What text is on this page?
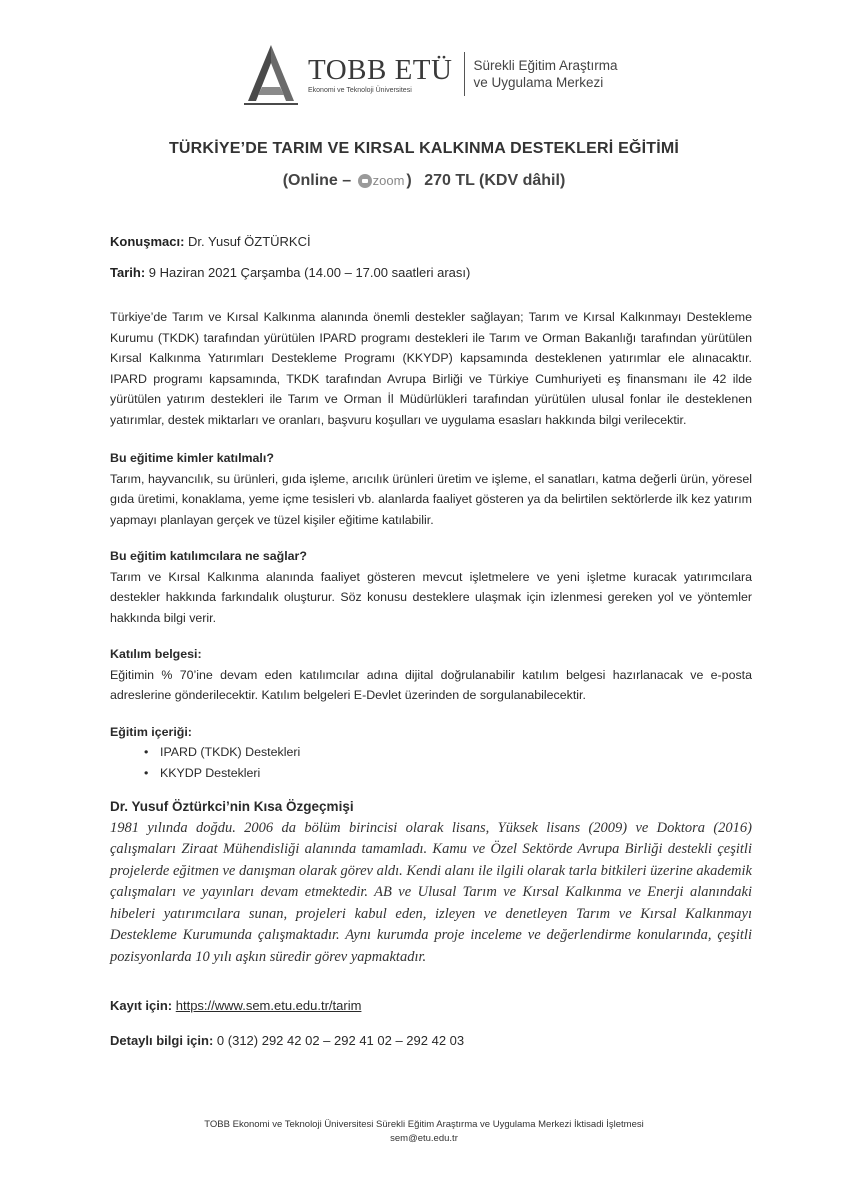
TOBB ETÜ
Ekonomi ve Teknoloji Üniversitesi
Sürekli Eğitim Araştırma
ve Uygulama Merkezi
TÜRKİYE’DE TARIM VE KIRSAL KALKINMA DESTEKLERİ EĞİTİMİ
(Online – zoom ) 270 TL (KDV dâhil)

Konuşmacı: Dr. Yusuf ÖZTÜRKCİ

Tarih: 9 Haziran 2021 Çarşamba (14.00 – 17.00 saatleri arası)

Türkiye’de Tarım ve Kırsal Kalkınma alanında önemli destekler sağlayan; Tarım ve Kırsal Kalkınmayı Destekleme Kurumu (TKDK) tarafından yürütülen IPARD programı destekleri ile Tarım ve Orman Bakanlığı tarafından yürütülen Kırsal Kalkınma Yatırımları Destekleme Programı (KKYDP) kapsamında desteklenen yatırımlar ele alınacaktır. IPARD programı kapsamında, TKDK tarafından Avrupa Birliği ve Türkiye Cumhuriyeti eş finansmanı ile 42 ilde yürütülen yatırım destekleri ile Tarım ve Orman İl Müdürlükleri tarafından yürütülen ulusal fonlar ile desteklenen yatırımlar, destek miktarları ve oranları, başvuru koşulları ve uygulama esasları hakkında bilgi verilecektir.

Bu eğitime kimler katılmalı?

Tarım, hayvancılık, su ürünleri, gıda işleme, arıcılık ürünleri üretim ve işleme, el sanatları, katma değerli ürün, yöresel gıda üretimi, konaklama, yeme içme tesisleri vb. alanlarda faaliyet gösteren ya da belirtilen sektörlerde ilk kez yatırım yapmayı planlayan gerçek ve tüzel kişiler eğitime katılabilir.

Bu eğitim katılımcılara ne sağlar?

Tarım ve Kırsal Kalkınma alanında faaliyet gösteren mevcut işletmelere ve yeni işletme kuracak yatırımcılara destekler hakkında farkındalık oluşturur. Söz konusu desteklere ulaşmak için izlenmesi gereken yol ve yöntemler hakkında bilgi verir.

Katılım belgesi:

Eğitimin % 70’ine devam eden katılımcılar adına dijital doğrulanabilir katılım belgesi hazırlanacak ve e-posta adreslerine gönderilecektir. Katılım belgeleri E-Devlet üzerinden de sorgulanabilecektir.

Eğitim içeriği:
• IPARD (TKDK) Destekleri
• KKYDP Destekleri
Dr. Yusuf Öztürkci’nin Kısa Özgeçmişi

1981 yılında doğdu. 2006 da bölüm birincisi olarak lisans, Yüksek lisans (2009) ve Doktora (2016) çalışmaları Ziraat Mühendisliği alanında tamamladı. Kamu ve Özel Sektörde Avrupa Birliği destekli çeşitli projelerde eğitmen ve danışman olarak görev aldı. Kendi alanı ile ilgili olarak tarla bitkileri üzerine akademik çalışmaları ve yayınları devam etmektedir. AB ve Ulusal Tarım ve Kırsal Kalkınma ve Enerji alanındaki hibeleri yatırımcılara sunan, projeleri kabul eden, izleyen ve denetleyen Tarım ve Kırsal Kalkınmayı Destekleme Kurumunda çalışmaktadır. Aynı kurumda proje inceleme ve değerlendirme konularında, çeşitli pozisyonlarda 10 yılı aşkın süredir görev yapmaktadır.

Kayıt için: https://www.sem.etu.edu.tr/tarim

Detaylı bilgi için: 0 (312) 292 42 02 – 292 41 02 – 292 42 03

TOBB Ekonomi ve Teknoloji Üniversitesi Sürekli Eğitim Araştırma ve Uygulama Merkezi İktisadi İşletmesi
sem@etu.edu.tr
